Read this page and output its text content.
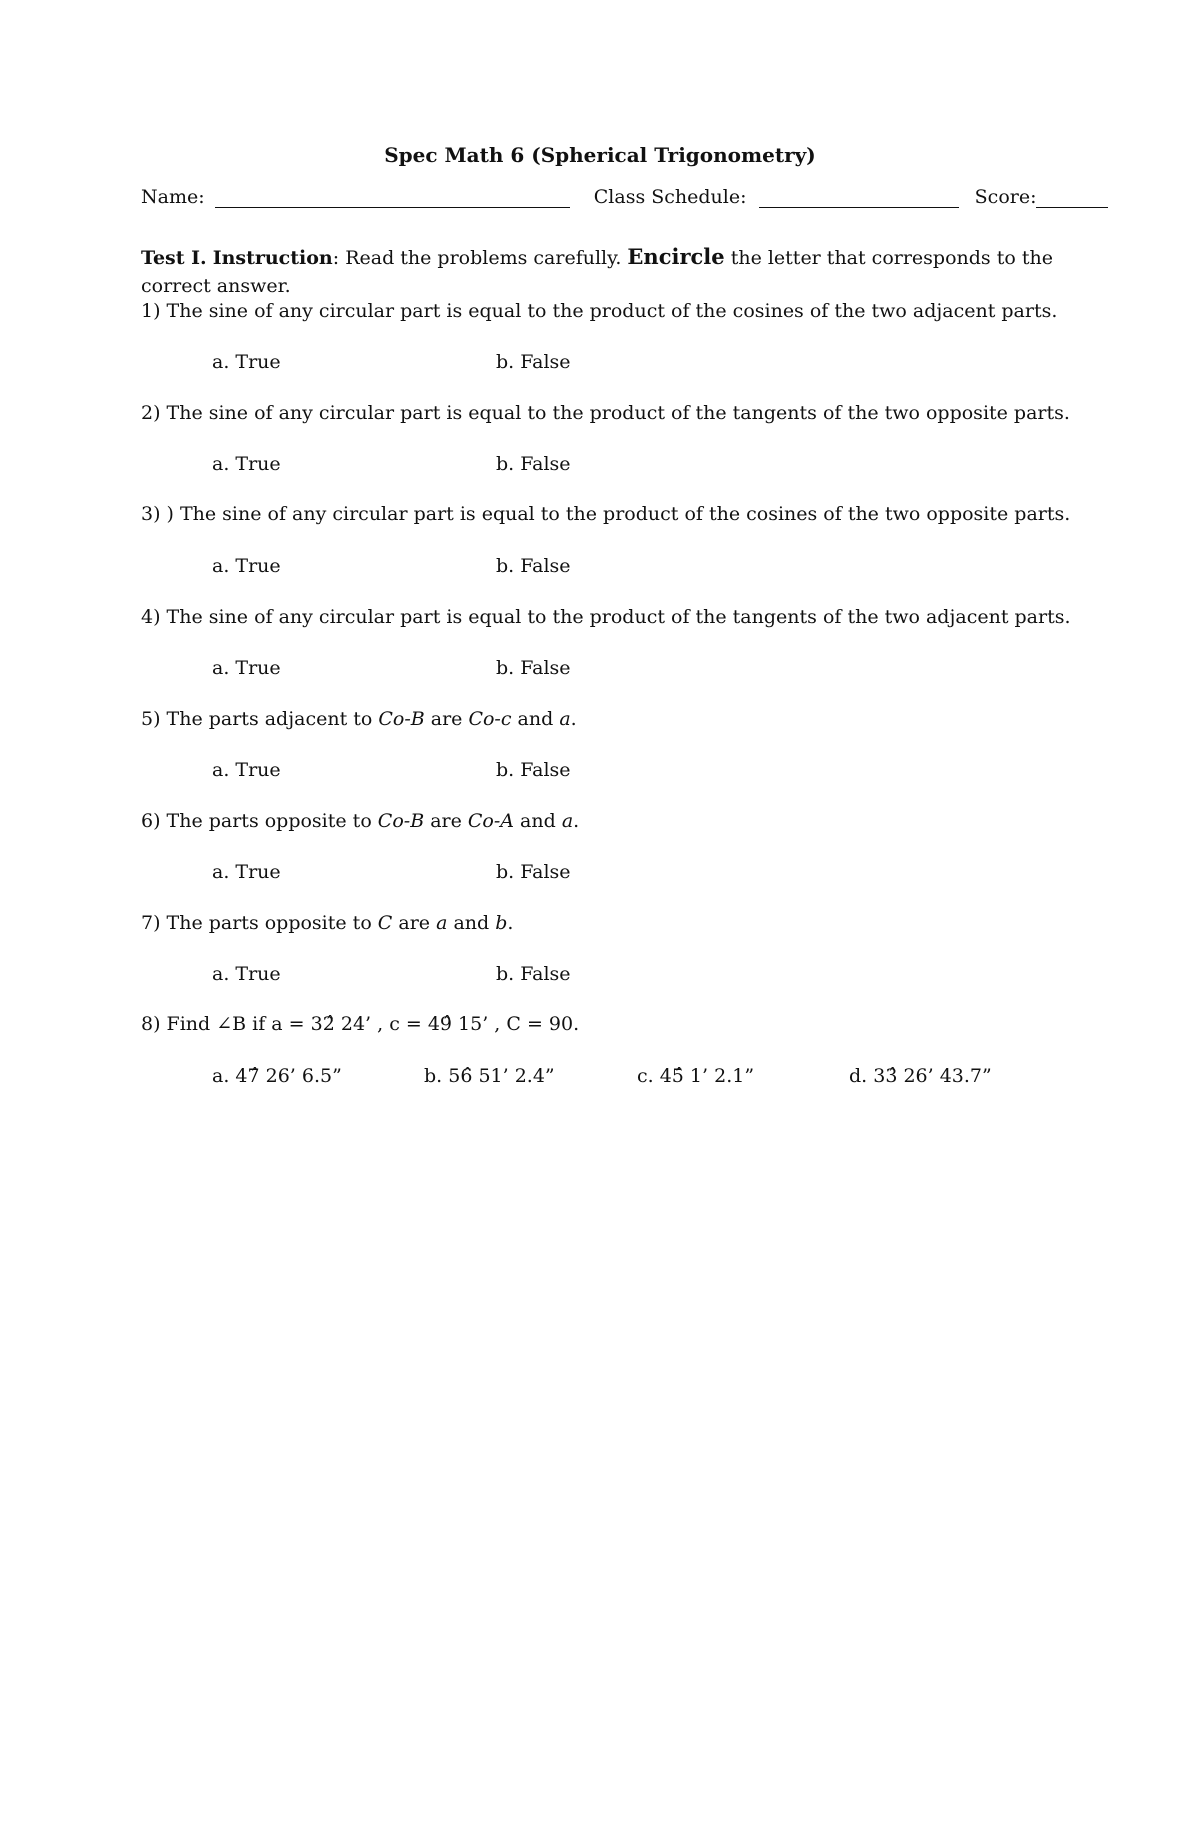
Spec Math 6 (Spherical Trigonometry)
Name:	Class Schedule:	Score:
Test I. Instruction: Read the problems carefully. Encircle the letter that corresponds to the correct answer.
1) The sine of any circular part is equal to the product of the cosines of the two adjacent parts.
a. True	b. False
2) The sine of any circular part is equal to the product of the tangents of the two opposite parts.
a. True	b. False
3) ) The sine of any circular part is equal to the product of the cosines of the two opposite parts.
a. True	b. False
4) The sine of any circular part is equal to the product of the tangents of the two adjacent parts.
a. True	b. False
5) The parts adjacent to Co-B are Co-c and a.
a. True	b. False
6) The parts opposite to Co-B are Co-A and a.
a. True	b. False
7) The parts opposite to C are a and b.
a. True	b. False
8) Find ∠B if a = 32̂ 24’ , c = 49̂ 15’ , C = 90.
a. 47̂ 26’ 6.5”	b. 56̂ 51’ 2.4”	c. 45̂ 1’ 2.1”	d. 33̂ 26’ 43.7”
